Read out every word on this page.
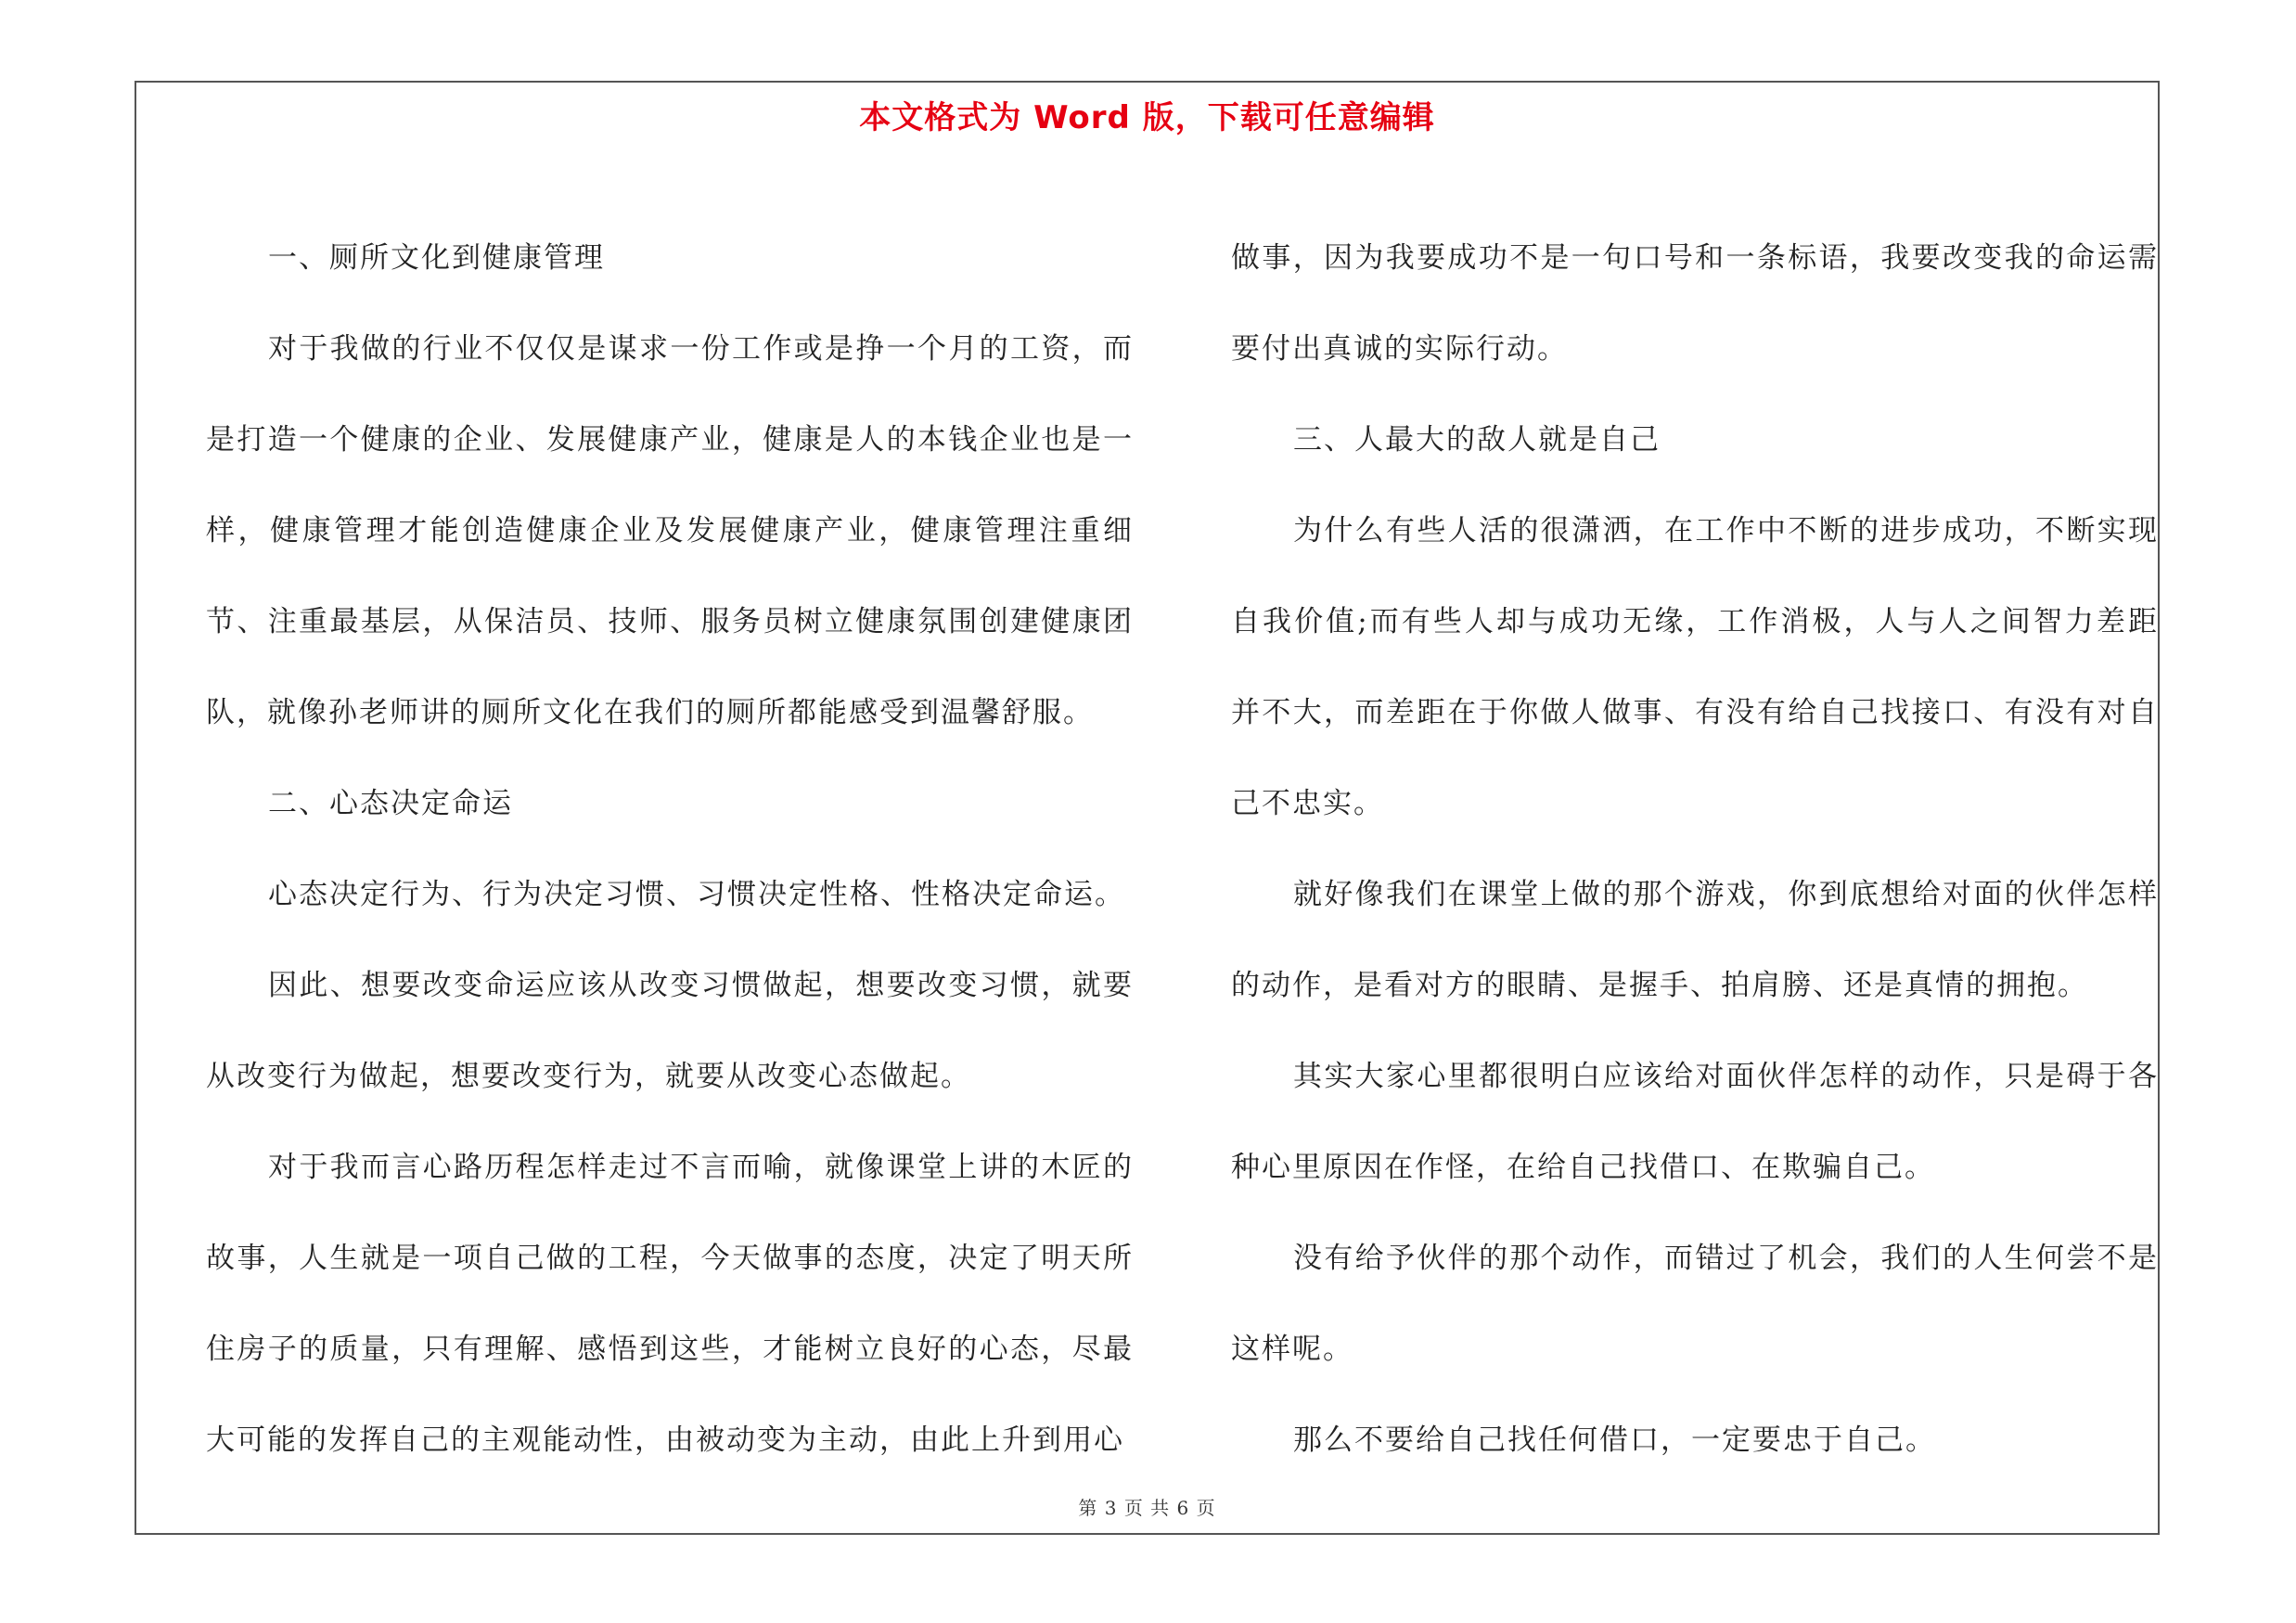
本文格式为 Word 版，下载可任意编辑

一、厕所文化到健康管理

对于我做的行业不仅仅是谋求一份工作或是挣一个月的工资，而是打造一个健康的企业、发展健康产业，健康是人的本钱企业也是一样，健康管理才能创造健康企业及发展健康产业，健康管理注重细节、注重最基层，从保洁员、技师、服务员树立健康氛围创建健康团队，就像孙老师讲的厕所文化在我们的厕所都能感受到温馨舒服。

二、心态决定命运

心态决定行为、行为决定习惯、习惯决定性格、性格决定命运。

因此、想要改变命运应该从改变习惯做起，想要改变习惯，就要从改变行为做起，想要改变行为，就要从改变心态做起。

对于我而言心路历程怎样走过不言而喻，就像课堂上讲的木匠的故事，人生就是一项自己做的工程，今天做事的态度，决定了明天所住房子的质量，只有理解、感悟到这些，才能树立良好的心态，尽最大可能的发挥自己的主观能动性，由被动变为主动，由此上升到用心

做事，因为我要成功不是一句口号和一条标语，我要改变我的命运需要付出真诚的实际行动。

三、人最大的敌人就是自己

为什么有些人活的很潇洒，在工作中不断的进步成功，不断实现自我价值;而有些人却与成功无缘，工作消极，人与人之间智力差距并不大，而差距在于你做人做事、有没有给自己找接口、有没有对自己不忠实。

就好像我们在课堂上做的那个游戏，你到底想给对面的伙伴怎样的动作，是看对方的眼睛、是握手、拍肩膀、还是真情的拥抱。

其实大家心里都很明白应该给对面伙伴怎样的动作，只是碍于各种心里原因在作怪，在给自己找借口、在欺骗自己。

没有给予伙伴的那个动作，而错过了机会，我们的人生何尝不是这样呢。

那么不要给自己找任何借口，一定要忠于自己。

第 3 页 共 6 页
